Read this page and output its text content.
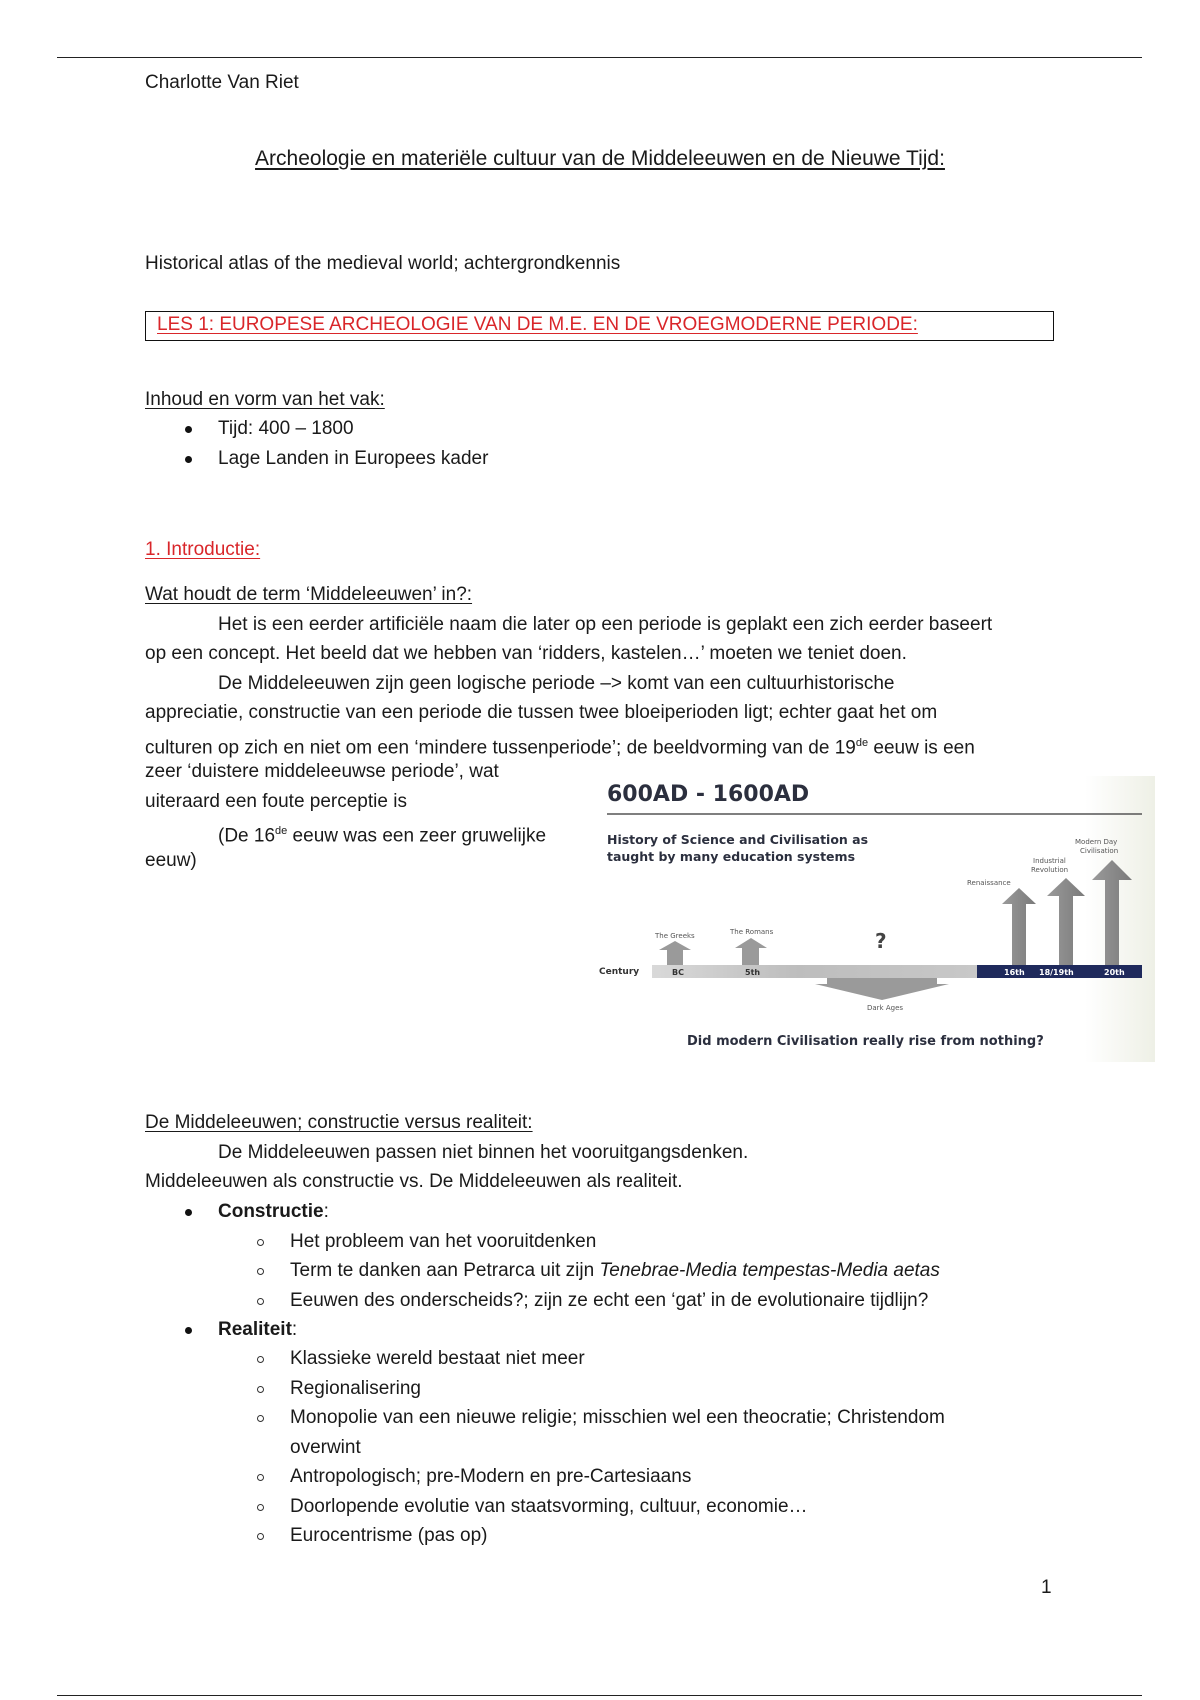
Charlotte Van Riet
Archeologie en materiële cultuur van de Middeleeuwen en de Nieuwe Tijd:
Historical atlas of the medieval world; achtergrondkennis
LES 1: EUROPESE ARCHEOLOGIE VAN DE M.E. EN DE VROEGMODERNE PERIODE:
Inhoud en vorm van het vak:
Tijd: 400 – 1800
Lage Landen in Europees kader
1. Introductie:
Wat houdt de term ‘Middeleeuwen’ in?:
Het is een eerder artificiële naam die later op een periode is geplakt een zich eerder baseert
op een concept. Het beeld dat we hebben van ‘ridders, kastelen…’ moeten we teniet doen.
De Middeleeuwen zijn geen logische periode –> komt van een cultuurhistorische
appreciatie, constructie van een periode die tussen twee bloeiperioden ligt; echter gaat het om
culturen op zich en niet om een ‘mindere tussenperiode’; de beeldvorming van de 19de eeuw is een
zeer ‘duistere middeleeuwse periode’, wat
uiteraard een foute perceptie is
(De 16de eeuw was een zeer gruwelijke
eeuw)
600AD - 1600AD
History of Science and Civilisation as
taught by many education systems
Century	BC	5th	16th 18/19th	20th
The Greeks	The Romans	?
Renaissance
Industrial
Revolution
Modern Day
Civilisation
Dark Ages
Did modern Civilisation really rise from nothing?
De Middeleeuwen; constructie versus realiteit:
De Middeleeuwen passen niet binnen het vooruitgangsdenken.
Middeleeuwen als constructie vs. De Middeleeuwen als realiteit.
Constructie:
Het probleem van het vooruitdenken
Term te danken aan Petrarca uit zijn Tenebrae-Media tempestas-Media aetas
Eeuwen des onderscheids?; zijn ze echt een ‘gat’ in de evolutionaire tijdlijn?
Realiteit:
Klassieke wereld bestaat niet meer
Regionalisering
Monopolie van een nieuwe religie; misschien wel een theocratie; Christendom
overwint
Antropologisch; pre-Modern en pre-Cartesiaans
Doorlopende evolutie van staatsvorming, cultuur, economie…
Eurocentrisme (pas op)
1
